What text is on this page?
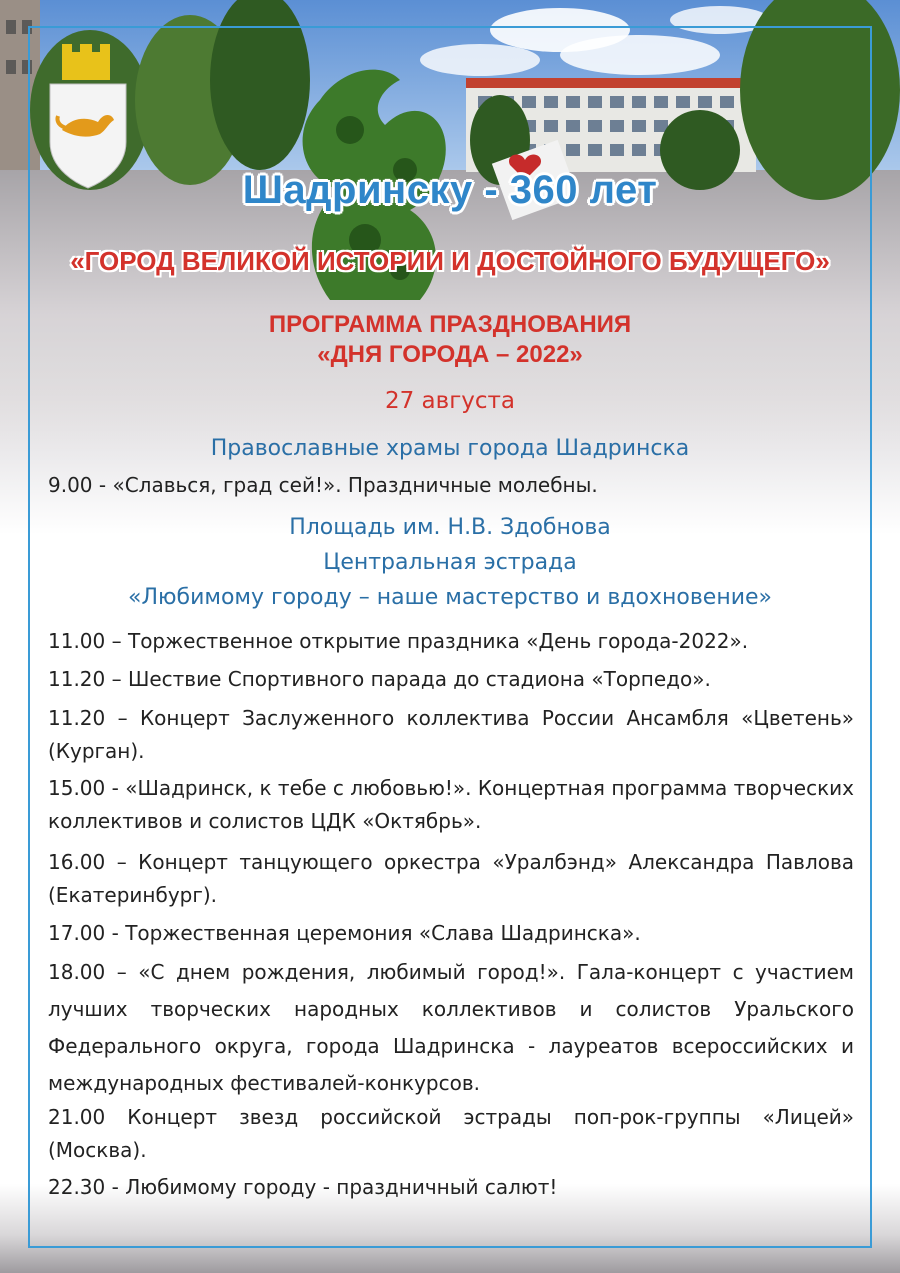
Шадринску - 360 лет
«ГОРОД ВЕЛИКОЙ ИСТОРИИ И ДОСТОЙНОГО БУДУЩЕГО»
ПРОГРАММА ПРАЗДНОВАНИЯ
«ДНЯ ГОРОДА – 2022»
27 августа
Православные храмы города Шадринска
9.00 - «Славься, град сей!». Праздничные молебны.
Площадь им. Н.В. Здобнова
Центральная эстрада
«Любимому городу – наше мастерство и вдохновение»
11.00 – Торжественное открытие праздника «День города-2022».
11.20 – Шествие Спортивного парада до стадиона «Торпедо».
11.20 – Концерт Заслуженного коллектива России Ансамбля «Цветень» (Курган).
15.00 - «Шадринск, к тебе с любовью!». Концертная программа творческих коллективов и солистов ЦДК «Октябрь».
16.00 – Концерт танцующего оркестра «Уралбэнд» Александра Павлова (Екатеринбург).
17.00 - Торжественная церемония «Слава Шадринска».
18.00 – «С днем рождения, любимый город!». Гала-концерт с участием лучших творческих народных коллективов и солистов Уральского Федерального округа, города Шадринска - лауреатов всероссийских и международных фестивалей-конкурсов.
21.00 Концерт звезд российской эстрады поп-рок-группы «Лицей» (Москва).
22.30 - Любимому городу - праздничный салют!
